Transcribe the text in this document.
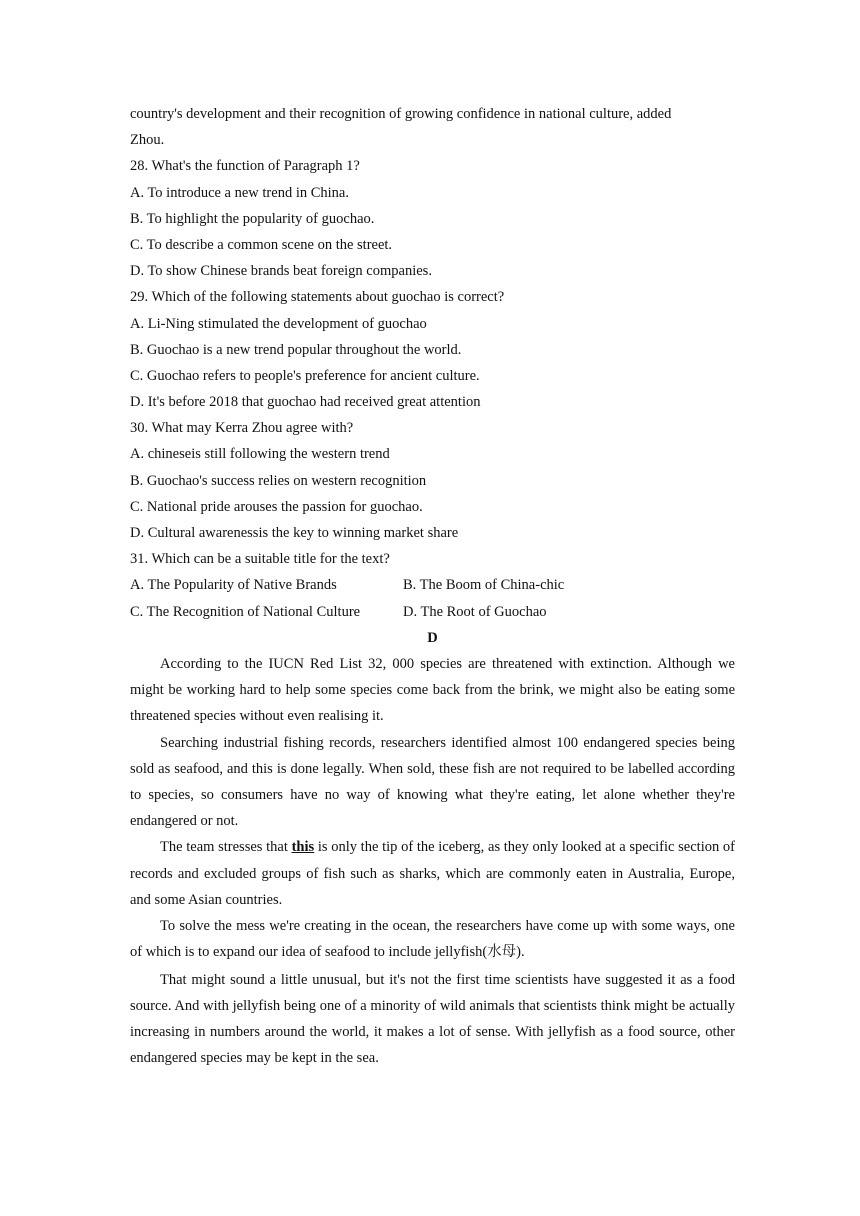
country's development and their recognition of growing confidence in national culture, added
Zhou.
28. What's the function of Paragraph 1?
A. To introduce a new trend in China.
B. To highlight the popularity of guochao.
C. To describe a common scene on the street.
D. To show Chinese brands beat foreign companies.
29. Which of the following statements about guochao is correct?
A. Li-Ning stimulated the development of guochao
B. Guochao is a new trend popular throughout the world.
C. Guochao refers to people's preference for ancient culture.
D. It's before 2018 that guochao had received great attention
30. What may Kerra Zhou agree with?
A. chineseis still following the western trend
B. Guochao's success relies on western recognition
C. National pride arouses the passion for guochao.
D. Cultural awarenessis the key to winning market share
31. Which can be a suitable title for the text?
A. The Popularity of Native Brands	B. The Boom of China-chic
C. The Recognition of National Culture	D. The Root of Guochao
D
According to the IUCN Red List 32, 000 species are threatened with extinction. Although we might be working hard to help some species come back from the brink, we might also be eating some threatened species without even realising it.
Searching industrial fishing records, researchers identified almost 100 endangered species being sold as seafood, and this is done legally. When sold, these fish are not required to be labelled according to species, so consumers have no way of knowing what they're eating, let alone whether they're endangered or not.
The team stresses that this is only the tip of the iceberg, as they only looked at a specific section of records and excluded groups of fish such as sharks, which are commonly eaten in Australia, Europe, and some Asian countries.
To solve the mess we're creating in the ocean, the researchers have come up with some ways, one of which is to expand our idea of seafood to include jellyfish(水母).
That might sound a little unusual, but it's not the first time scientists have suggested it as a food source. And with jellyfish being one of a minority of wild animals that scientists think might be actually increasing in numbers around the world, it makes a lot of sense. With jellyfish as a food source, other endangered species may be kept in the sea.
